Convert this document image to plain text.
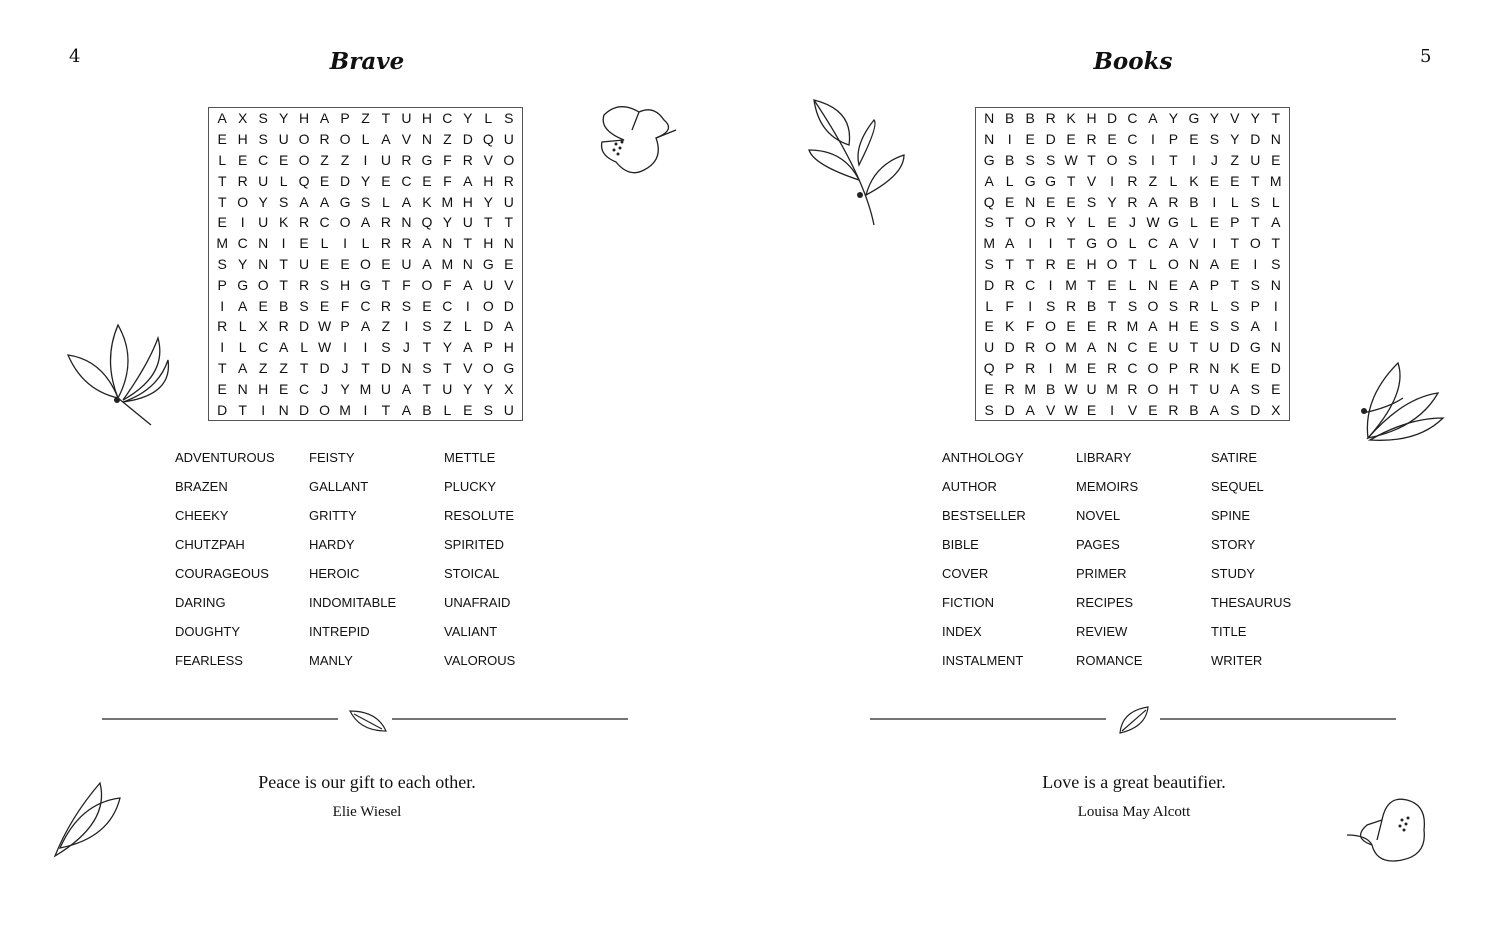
4	5
Brave	Books
A X S Y H A P Z T U H C Y L S
E H S U O R O L A V N Z D Q U
L E C E O Z Z	I U R G F R V O
T R U L Q E D Y E C E F A H R
T O Y S A A G S L A K M H Y U
E I U K R C O A R N Q Y U T T
M C N I E L	I	L R R A N T H N
S Y N T U E E O E U A M N G E
P G O T R S H G T F O F A U V
I A E B S E F C R S E C I O D
R L X R D W P A Z	I S Z L D A
I	L C A L W I	I S J T Y A P H
T A Z Z T D J T D N S T V O G
E N H E C J Y M U A T U Y Y X
D T	I N D O M I	T A B L E S U
N B B R K H D C A Y G Y V Y T
N I E D E R E C I P E S Y D N
G B S S W T O S I	T	I	J Z U E
A L G G T V I R Z L K E E T M
Q E N E E S Y R A R B I	L S L
S T O R Y L E J W G L E P T A
M A I	I	T G O L C A V I	T O T
S T T R E H O T L O N A E I S
D R C I M T E L N E A P T S N
L F	I S R B T S O S R L S P I
E K F O E E R M A H E S S A I
U D R O M A N C E U T U D G N
Q P R I M E R C O P R N K E D
E R M B W U M R O H T U A S E
S D A V W E I V E R B A S D X
ADVENTUROUS	FEISTY	METTLE
BRAZEN	GALLANT	PLUCKY
CHEEKY	GRITTY	RESOLUTE
CHUTZPAH	HARDY	SPIRITED
COURAGEOUS	HEROIC	STOICAL
DARING	INDOMITABLE	UNAFRAID
DOUGHTY	INTREPID	VALIANT
FEARLESS	MANLY	VALOROUS
ANTHOLOGY	LIBRARY	SATIRE
AUTHOR	MEMOIRS	SEQUEL
BESTSELLER	NOVEL	SPINE
BIBLE	PAGES	STORY
COVER	PRIMER	STUDY
FICTION	RECIPES	THESAURUS
INDEX	REVIEW	TITLE
INSTALMENT	ROMANCE	WRITER
Peace is our gift to each other.
Elie Wiesel
Love is a great beautifier.
Louisa May Alcott
